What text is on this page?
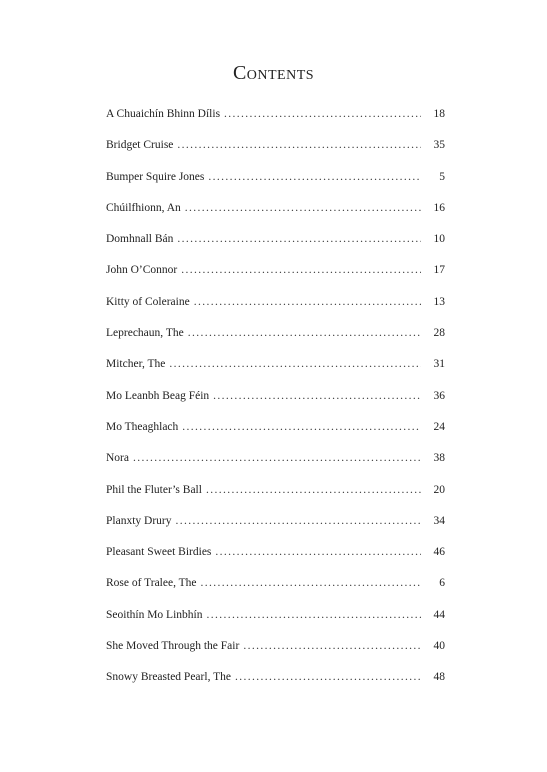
Contents
A Chuaichín Bhinn Dílis . . .	18
Bridget Cruise . . .	35
Bumper Squire Jones . . .	5
Chúilfhionn, An . . .	16
Domhnall Bán . . .	10
John O’Connor . . .	17
Kitty of Coleraine . . .	13
Leprechaun, The . . .	28
Mitcher, The . . .	31
Mo Leanbh Beag Féin . . .	36
Mo Theaghlach . . .	24
Nora . . .	38
Phil the Fluter’s Ball . . .	20
Planxty Drury . . .	34
Pleasant Sweet Birdies . . .	46
Rose of Tralee, The . . .	6
Seoithín Mo Linbhín . . .	44
She Moved Through the Fair . . .	40
Snowy Breasted Pearl, The . . .	48
